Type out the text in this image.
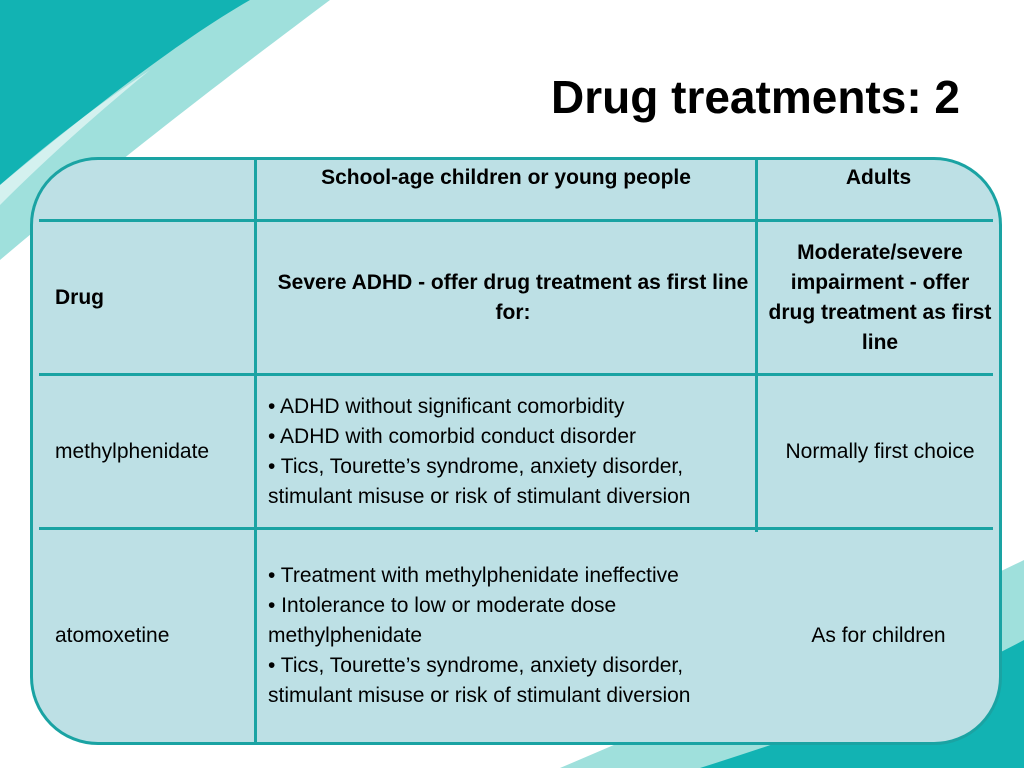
Drug treatments: 2
School-age children or young people	Adults
Drug
Severe ADHD - offer drug treatment as first line for:
Moderate/severe impairment - offer drug treatment as first line
methylphenidate
• ADHD without significant comorbidity
• ADHD with comorbid conduct disorder
• Tics, Tourette’s syndrome, anxiety disorder, stimulant misuse or risk of stimulant diversion
Normally first choice
atomoxetine
• Treatment with methylphenidate ineffective
• Intolerance to low or moderate dose methylphenidate
• Tics, Tourette’s syndrome, anxiety disorder, stimulant misuse or risk of stimulant diversion
As for children
